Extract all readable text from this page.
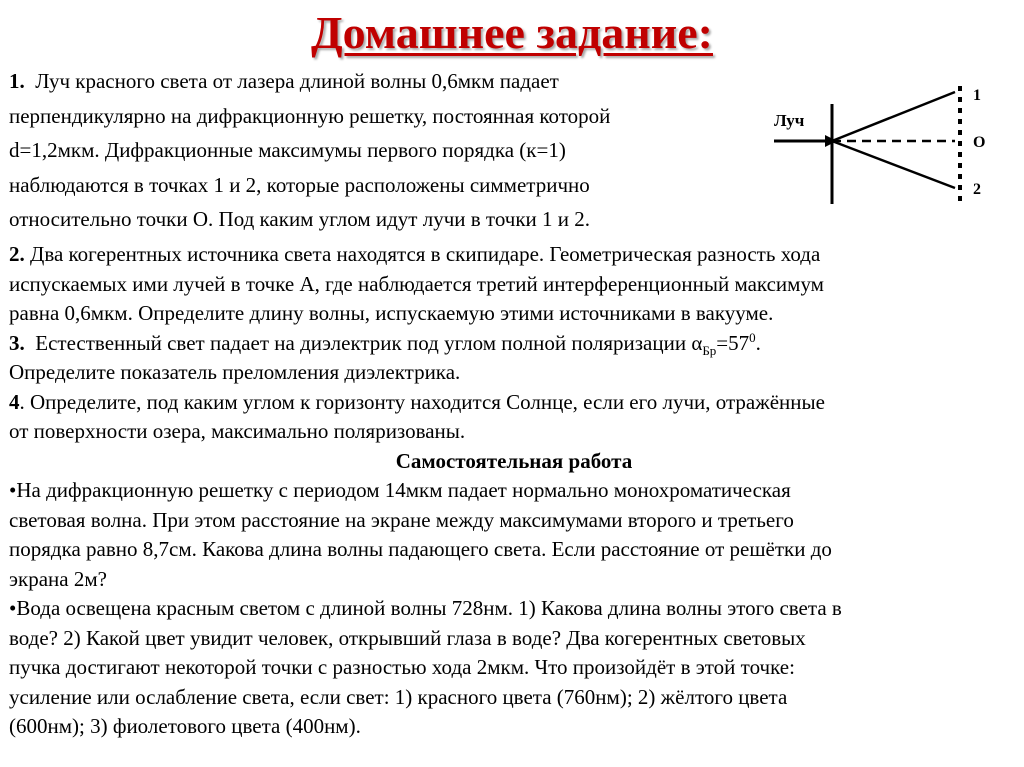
Домашнее задание:

1. Луч красного света от лазера длиной волны 0,6мкм падает

перпендикулярно на дифракционную решетку, постоянная которой

d=1,2мкм. Дифракционные максимумы первого порядка (к=1)

наблюдаются в точках 1 и 2, которые расположены симметрично

относительно точки О. Под каким углом идут лучи в точки 1 и 2.

Луч
1
O
2

2. Два когерентных источника света находятся в скипидаре. Геометрическая разность хода

испускаемых ими лучей в точке А, где наблюдается третий интерференционный максимум

равна 0,6мкм. Определите длину волны, испускаемую этими источниками в вакууме.

3. Естественный свет падает на диэлектрик под углом полной поляризации $\alpha_{Бр}=57^0$.

Определите показатель преломления диэлектрика.

4. Определите, под каким углом к горизонту находится Солнце, если его лучи, отражённые

от поверхности озера, максимально поляризованы.

Самостоятельная работа

•На дифракционную решетку с периодом 14мкм падает нормально монохроматическая

световая волна. При этом расстояние на экране между максимумами второго и третьего

порядка равно 8,7см. Какова длина волны падающего света. Если расстояние от решётки до

экрана 2м?

•Вода освещена красным светом с длиной волны 728нм. 1) Какова длина волны этого света в

воде? 2) Какой цвет увидит человек, открывший глаза в воде? Два когерентных световых

пучка достигают некоторой точки с разностью хода 2мкм. Что произойдёт в этой точке:

усиление или ослабление света, если свет: 1) красного цвета (760нм); 2) жёлтого цвета

(600нм); 3) фиолетового цвета (400нм).
